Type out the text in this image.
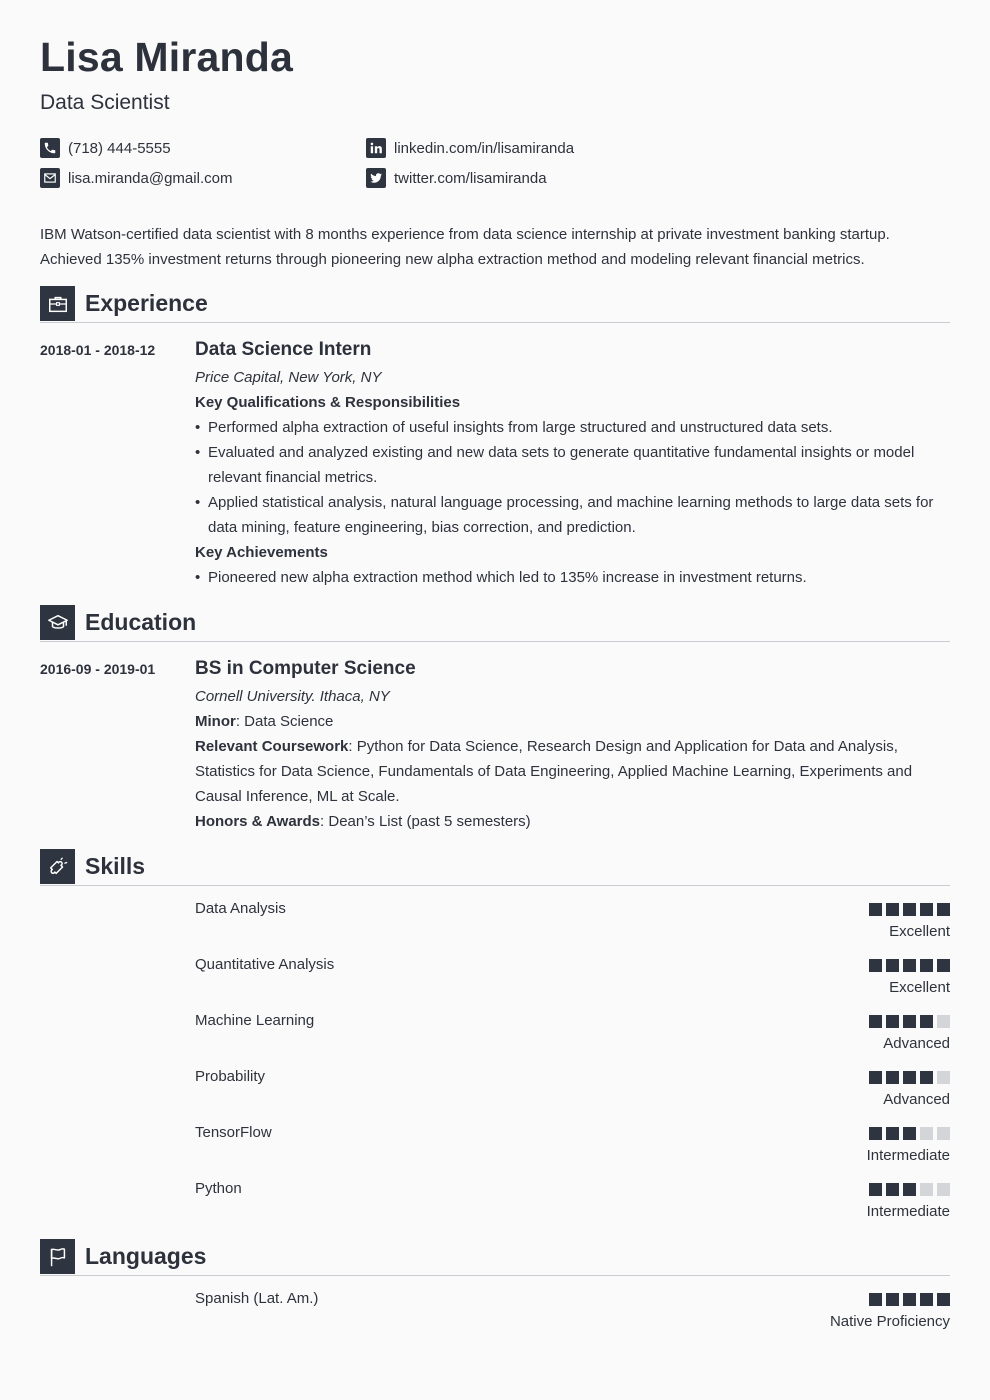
Lisa Miranda
Data Scientist
(718) 444-5555
lisa.miranda@gmail.com
linkedin.com/in/lisamiranda
twitter.com/lisamiranda
IBM Watson-certified data scientist with 8 months experience from data science internship at private investment banking startup. Achieved 135% investment returns through pioneering new alpha extraction method and modeling relevant financial metrics.
Experience
2018-01 - 2018-12 Data Science Intern
Price Capital, New York, NY
Key Qualifications & Responsibilities
• Performed alpha extraction of useful insights from large structured and unstructured data sets.
• Evaluated and analyzed existing and new data sets to generate quantitative fundamental insights or model relevant financial metrics.
• Applied statistical analysis, natural language processing, and machine learning methods to large data sets for data mining, feature engineering, bias correction, and prediction.
Key Achievements
• Pioneered new alpha extraction method which led to 135% increase in investment returns.
Education
2016-09 - 2019-01 BS in Computer Science
Cornell University. Ithaca, NY
Minor: Data Science
Relevant Coursework: Python for Data Science, Research Design and Application for Data and Analysis, Statistics for Data Science, Fundamentals of Data Engineering, Applied Machine Learning, Experiments and Causal Inference, ML at Scale.
Honors & Awards: Dean’s List (past 5 semesters)
Skills
Data Analysis
Excellent
Quantitative Analysis
Excellent
Machine Learning
Advanced
Probability
Advanced
TensorFlow
Intermediate
Python
Intermediate
Languages
Spanish (Lat. Am.)
Native Proficiency
